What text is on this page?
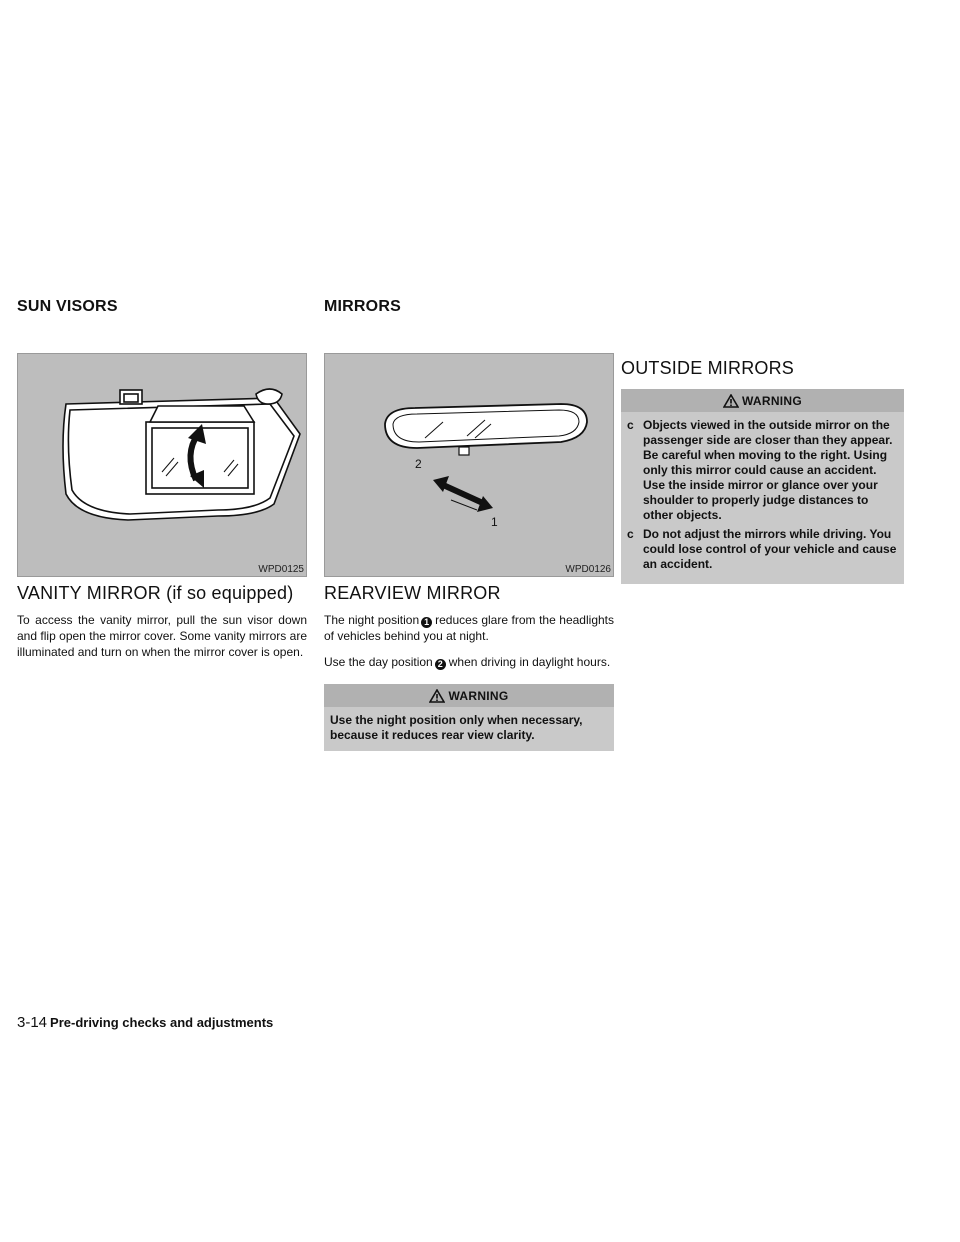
SUN VISORS	MIRRORS
WPD0125
VANITY MIRROR (if so equipped)

To access the vanity mirror, pull the sun visor down and flip open the mirror cover. Some vanity mirrors are illuminated and turn on when the mirror cover is open.

2
1
WPD0126
REARVIEW MIRROR

The night position 1 reduces glare from the headlights of vehicles behind you at night.

Use the day position 2 when driving in daylight hours.

WARNING
Use the night position only when necessary, because it reduces rear view clarity.
OUTSIDE MIRRORS
WARNING
c Objects viewed in the outside mirror on the passenger side are closer than they appear. Be careful when moving to the right. Using only this mirror could cause an accident. Use the inside mirror or glance over your shoulder to properly judge distances to other objects.
c Do not adjust the mirrors while driving. You could lose control of your vehicle and cause an accident.
3-14 Pre-driving checks and adjustments
